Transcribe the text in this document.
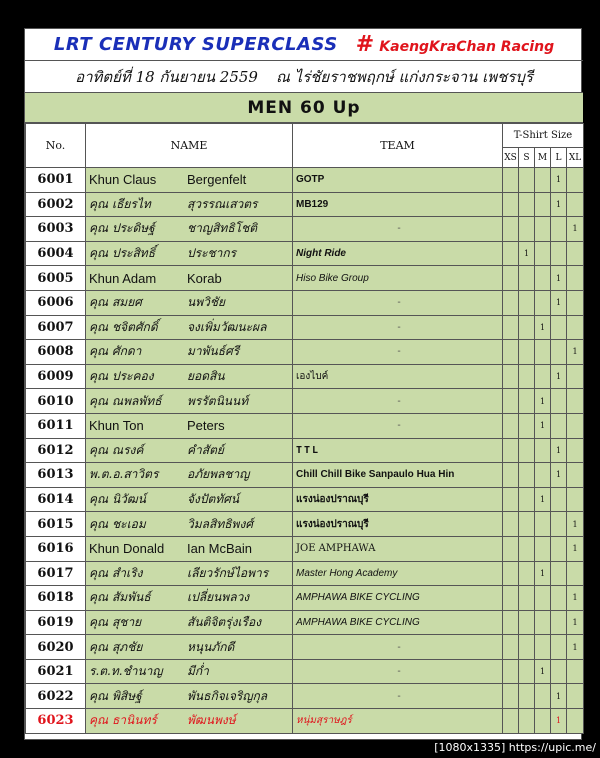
LRT CENTURY SUPERCLASS # KaengKraChan Racing
อาทิตย์ที่ 18 กันยายน 2559 ณ ไร่ชัยราชพฤกษ์ แก่งกระจาน เพชรบุรี
MEN 60 Up
No.	NAME	TEAM	T-Shirt Size				
			XS	S	M	L	XL
6001	Khun Claus Bergenfelt	GOTP				1	
6002	คุณ เธียรไท สุวรรณเสวตร	MB129				1	
6003	คุณ ประดิษฐ์ ชาญสิทธิโชติ	-					1
6004	คุณ ประสิทธิ์ ประชากร	Night Ride		1			
6005	Khun Adam Korab	Hiso Bike Group				1	
6006	คุณ สมยศ นพวิชัย	-				1	
6007	คุณ ชจิตศักดิ์ จงเพิ่มวัฒนะผล	-			1		
6008	คุณ ศักดา มาพันธ์ศรี	-					1
6009	คุณ ประคอง ยอดสิน	เองไบค์				1	
6010	คุณ ณพลพัทธ์ พรรัตนินนท์	-			1		
6011	Khun Ton Peters	-			1		
6012	คุณ ณรงค์ คำสัตย์	TTL				1	
6013	พ.ต.อ.สาวิตร อภัยพลชาญ	Chill Chill Bike Sanpaulo Hua Hin				1	
6014	คุณ นิวัฒน์ จังปัตทัศน์	แรงน่องปราณบุรี			1		
6015	คุณ ชะเอม วิมลสิทธิพงศ์	แรงน่องปราณบุรี					1
6016	Khun Donald Ian McBain	JOE AMPHAWA					1
6017	คุณ สำเริง เลียวรักษ์ไอพาร	Master Hong Academy			1		
6018	คุณ สัมพันธ์ เปลี่ยนพลวง	AMPHAWA BIKE CYCLING					1
6019	คุณ สุชาย สันติจิตรุ่งเรือง	AMPHAWA BIKE CYCLING					1
6020	คุณ สุภชัย หนุนภักดี	-					1
6021	ร.ต.ท.ชำนาญ มีก่ำ	-			1		
6022	คุณ พิสิษฐ์ พันธกิจเจริญกุล	-				1	
6023	คุณ ธานินทร์ พัฒนพงษ์	หนุ่มสุราษฎร์				1	
[1080x1335] https://upic.me/
